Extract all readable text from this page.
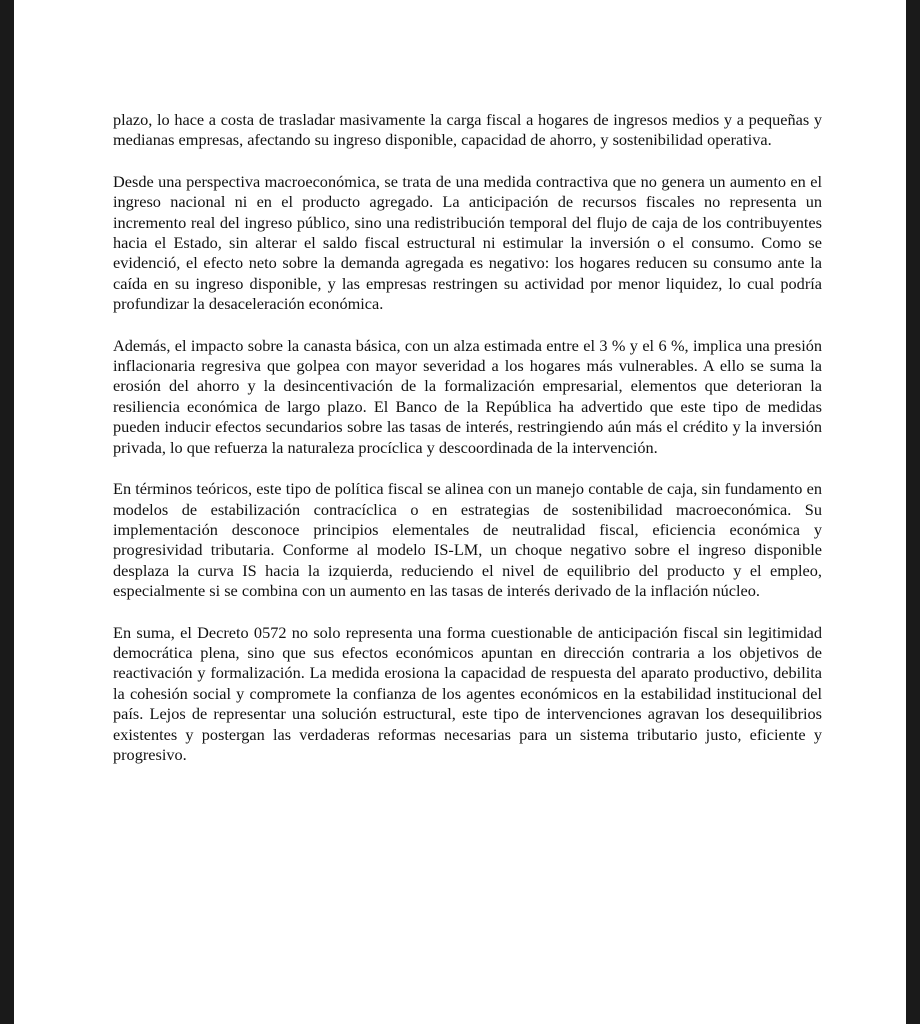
plazo, lo hace a costa de trasladar masivamente la carga fiscal a hogares de ingresos medios y a pequeñas y medianas empresas, afectando su ingreso disponible, capacidad de ahorro, y sostenibilidad operativa.

Desde una perspectiva macroeconómica, se trata de una medida contractiva que no genera un aumento en el ingreso nacional ni en el producto agregado. La anticipación de recursos fiscales no representa un incremento real del ingreso público, sino una redistribución temporal del flujo de caja de los contribuyentes hacia el Estado, sin alterar el saldo fiscal estructural ni estimular la inversión o el consumo. Como se evidenció, el efecto neto sobre la demanda agregada es negativo: los hogares reducen su consumo ante la caída en su ingreso disponible, y las empresas restringen su actividad por menor liquidez, lo cual podría profundizar la desaceleración económica.

Además, el impacto sobre la canasta básica, con un alza estimada entre el 3 % y el 6 %, implica una presión inflacionaria regresiva que golpea con mayor severidad a los hogares más vulnerables. A ello se suma la erosión del ahorro y la desincentivación de la formalización empresarial, elementos que deterioran la resiliencia económica de largo plazo. El Banco de la República ha advertido que este tipo de medidas pueden inducir efectos secundarios sobre las tasas de interés, restringiendo aún más el crédito y la inversión privada, lo que refuerza la naturaleza procíclica y descoordinada de la intervención.

En términos teóricos, este tipo de política fiscal se alinea con un manejo contable de caja, sin fundamento en modelos de estabilización contracíclica o en estrategias de sostenibilidad macroeconómica. Su implementación desconoce principios elementales de neutralidad fiscal, eficiencia económica y progresividad tributaria. Conforme al modelo IS-LM, un choque negativo sobre el ingreso disponible desplaza la curva IS hacia la izquierda, reduciendo el nivel de equilibrio del producto y el empleo, especialmente si se combina con un aumento en las tasas de interés derivado de la inflación núcleo.

En suma, el Decreto 0572 no solo representa una forma cuestionable de anticipación fiscal sin legitimidad democrática plena, sino que sus efectos económicos apuntan en dirección contraria a los objetivos de reactivación y formalización. La medida erosiona la capacidad de respuesta del aparato productivo, debilita la cohesión social y compromete la confianza de los agentes económicos en la estabilidad institucional del país. Lejos de representar una solución estructural, este tipo de intervenciones agravan los desequilibrios existentes y postergan las verdaderas reformas necesarias para un sistema tributario justo, eficiente y progresivo.
